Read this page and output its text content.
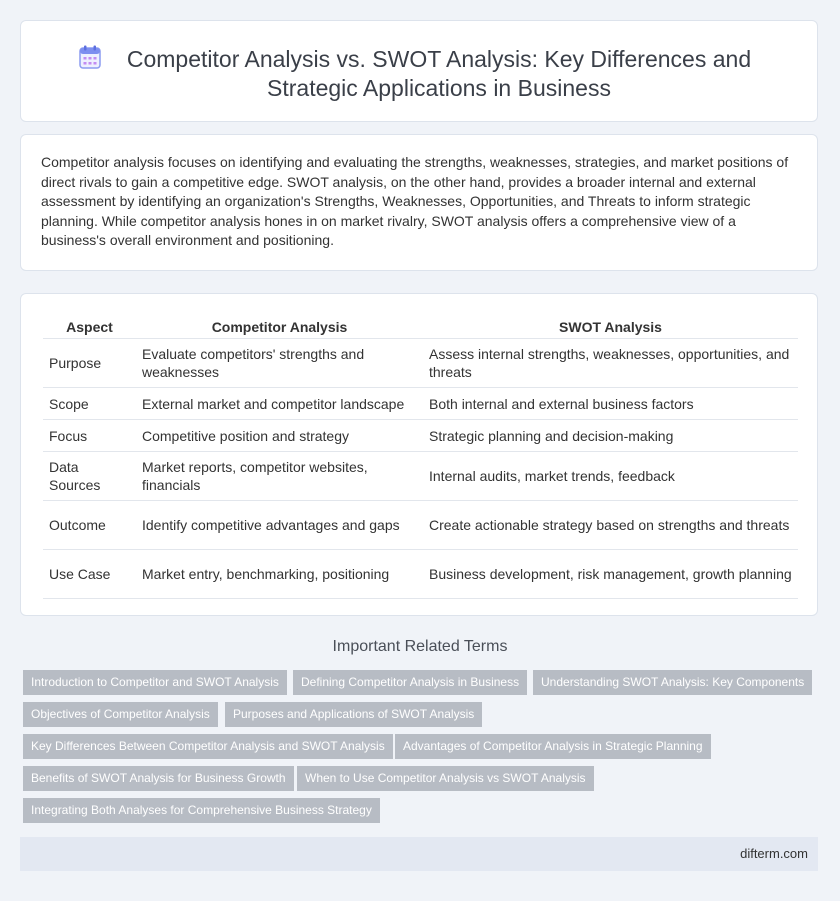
Competitor Analysis vs. SWOT Analysis: Key Differences and Strategic Applications in Business
Competitor analysis focuses on identifying and evaluating the strengths, weaknesses, strategies, and market positions of direct rivals to gain a competitive edge. SWOT analysis, on the other hand, provides a broader internal and external assessment by identifying an organization's Strengths, Weaknesses, Opportunities, and Threats to inform strategic planning. While competitor analysis hones in on market rivalry, SWOT analysis offers a comprehensive view of a business's overall environment and positioning.
Aspect	Competitor Analysis	SWOT Analysis
Purpose	Evaluate competitors' strengths and weaknesses	Assess internal strengths, weaknesses, opportunities, and threats
Scope	External market and competitor landscape	Both internal and external business factors
Focus	Competitive position and strategy	Strategic planning and decision-making
Data Sources	Market reports, competitor websites, financials	Internal audits, market trends, feedback
Outcome	Identify competitive advantages and gaps	Create actionable strategy based on strengths and threats
Use Case	Market entry, benchmarking, positioning	Business development, risk management, growth planning
Important Related Terms
Introduction to Competitor and SWOT Analysis	Defining Competitor Analysis in Business	Understanding SWOT Analysis: Key Components
Objectives of Competitor Analysis	Purposes and Applications of SWOT Analysis
Key Differences Between Competitor Analysis and SWOT Analysis	Advantages of Competitor Analysis in Strategic Planning
Benefits of SWOT Analysis for Business Growth	When to Use Competitor Analysis vs SWOT Analysis
Integrating Both Analyses for Comprehensive Business Strategy
difterm.com
